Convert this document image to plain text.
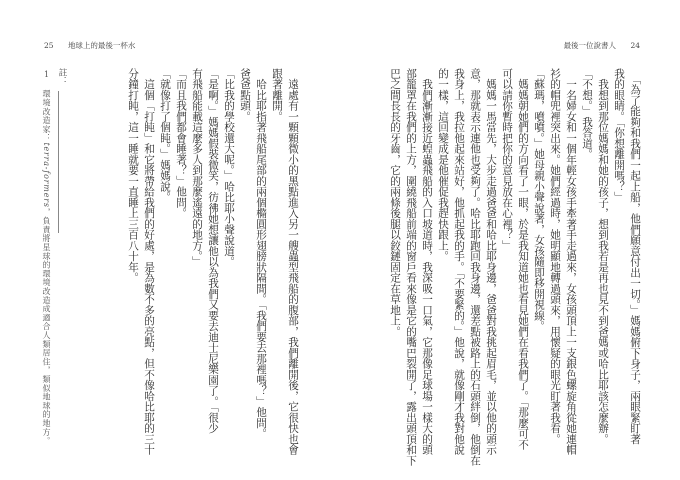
25 地球上的最後一杯水	最後一位說書人 24
　「為了能夠和我們一起上船，他們願意付出一切。」媽媽俯下身子，兩眼緊盯著
我的眼睛。「你想離開嗎？」
　我想到那位媽媽和她的孩子，想到我若是再也見不到爸媽或哈比耶該怎麼辦。
「不想。」我答道。
　一名婦女和一個年輕女孩手牽著手走過來，女孩頭頂上一支銀色螺旋角從她連帽
衫的帽兜裡突出來。她們經過時，她明顯地轉過頭來，用懷疑的眼光盯著我看。
「蘇瑪，噴噴。」她母親小聲說著，女孩隨即移開視線。
　媽媽朝她們的方向看了一眼，於是我知道她也看見她們在看我們了。「那麼可不
可以請你暫時把你的意見放在心裡？」
　媽媽一馬當先，大步走過爸爸和哈比耶身邊，爸爸對我挑起眉毛，並以他的頭示
意，那就表示連他也受夠了。哈比耶跑回我身邊，還差點被路上的石頭絆倒，他倒在
我身上，我拉他起來站好，他抓起我的手。「不要緊的。」他說，就像剛才我對他說
的一樣，這回變成是他催促我趕快跟上。
　我們漸漸接近蝗蟲飛船的入口坡道時，我深吸一口氣，它那像足球場一樣大的頭
部籠罩在我們的上方，圍繞飛船前端的窗戶看來像是它的嘴巴裂開了，露出頭頂和下
巴之間長長的牙齒，它的兩條後腿以鉸鏈固定在草地上。
　遠處有一顆顆微小的黑點進入另一艘蟲型飛船的腹部，我們離開後，它很快也會
跟著離開。
　哈比耶指著飛船尾部的兩個橢圓形翅膀狀隔間。「我們要去那裡嗎？」他問。
爸爸點頭。
「比我的學校還大呢。」哈比耶小聲說道。
「是啊。」媽媽假裝微笑，彷彿她想讓他以為我們又要去迪士尼樂園了。「很少
有飛船能載這麼多人到那麼遙遠的地方。」
「而且我們都會睡著？」他問。
「就像打了個盹。」媽媽說。
　這個「打盹」和它將帶給我們的好處，是為數不多的亮點，但不像哈比耶的三十
分鐘打盹，這一睡就要一直睡上三百八十年。
註：
1 環境改造家：terra-formers，負責將星球的環境改造成適合人類居住，類似地球的地方。
